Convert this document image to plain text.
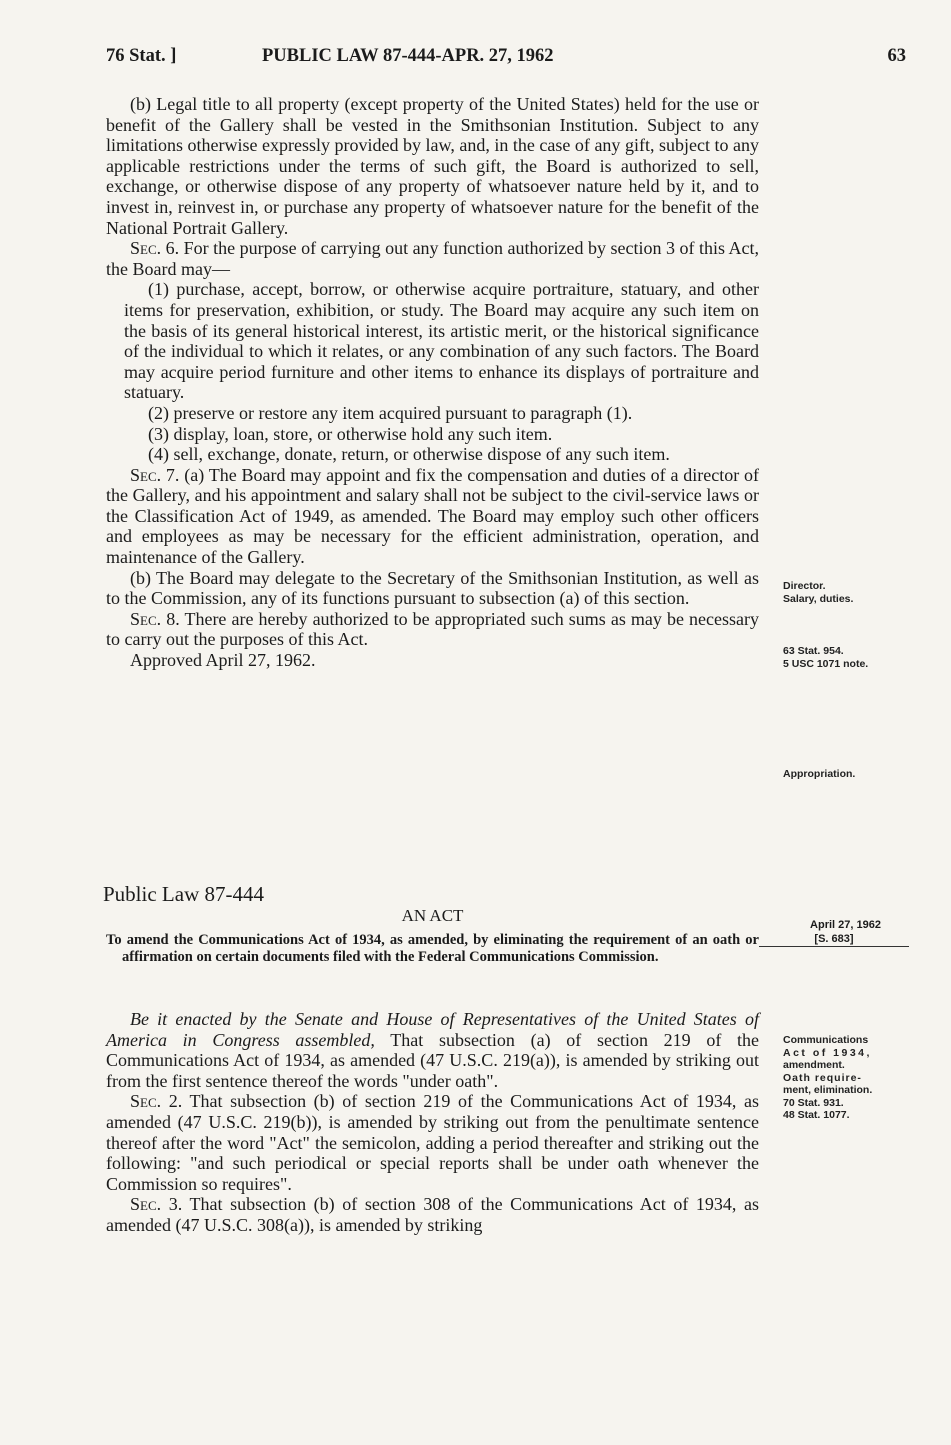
76 Stat. ]	PUBLIC LAW 87-444-APR. 27, 1962	63

(b) Legal title to all property (except property of the United States) held for the use or benefit of the Gallery shall be vested in the Smithsonian Institution. Subject to any limitations otherwise expressly provided by law, and, in the case of any gift, subject to any applicable restrictions under the terms of such gift, the Board is authorized to sell, exchange, or otherwise dispose of any property of whatsoever nature held by it, and to invest in, reinvest in, or purchase any property of whatsoever nature for the benefit of the National Portrait Gallery.

Sec. 6. For the purpose of carrying out any function authorized by section 3 of this Act, the Board may—

(1) purchase, accept, borrow, or otherwise acquire portraiture, statuary, and other items for preservation, exhibition, or study. The Board may acquire any such item on the basis of its general historical interest, its artistic merit, or the historical significance of the individual to which it relates, or any combination of any such factors. The Board may acquire period furniture and other items to enhance its displays of portraiture and statuary.

(2) preserve or restore any item acquired pursuant to paragraph (1).

(3) display, loan, store, or otherwise hold any such item.

(4) sell, exchange, donate, return, or otherwise dispose of any such item.

Sec. 7. (a) The Board may appoint and fix the compensation and duties of a director of the Gallery, and his appointment and salary shall not be subject to the civil-service laws or the Classification Act of 1949, as amended. The Board may employ such other officers and employees as may be necessary for the efficient administration, operation, and maintenance of the Gallery.

(b) The Board may delegate to the Secretary of the Smithsonian Institution, as well as to the Commission, any of its functions pursuant to subsection (a) of this section.

Sec. 8. There are hereby authorized to be appropriated such sums as may be necessary to carry out the purposes of this Act.

Approved April 27, 1962.

Director.

Salary, duties.

63 Stat. 954.

5 USC 1071 note.

Appropriation.

Public Law 87-444
AN ACT

To amend the Communications Act of 1934, as amended, by eliminating the requirement of an oath or affirmation on certain documents filed with the Federal Communications Commission.

April 27, 1962
[S. 683]

Be it enacted by the Senate and House of Representatives of the United States of America in Congress assembled, That subsection (a) of section 219 of the Communications Act of 1934, as amended (47 U.S.C. 219(a)), is amended by striking out from the first sentence thereof the words "under oath".

Sec. 2. That subsection (b) of section 219 of the Communications Act of 1934, as amended (47 U.S.C. 219(b)), is amended by striking out from the penultimate sentence thereof after the word "Act" the semicolon, adding a period thereafter and striking out the following: "and such periodical or special reports shall be under oath whenever the Commission so requires".

Sec. 3. That subsection (b) of section 308 of the Communications Act of 1934, as amended (47 U.S.C. 308(a)), is amended by striking

Communications

Act of 1934,

amendment.

Oath require-

ment, elimination.

70 Stat. 931.

48 Stat. 1077.
